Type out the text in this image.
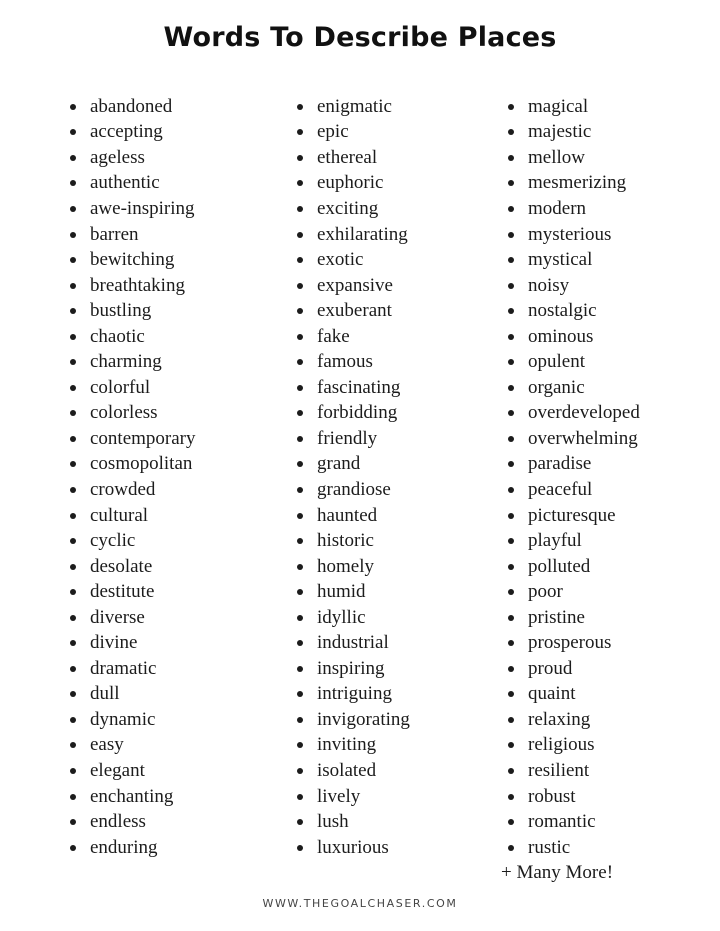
Words To Describe Places
abandoned
accepting
ageless
authentic
awe-inspiring
barren
bewitching
breathtaking
bustling
chaotic
charming
colorful
colorless
contemporary
cosmopolitan
crowded
cultural
cyclic
desolate
destitute
diverse
divine
dramatic
dull
dynamic
easy
elegant
enchanting
endless
enduring
enigmatic
epic
ethereal
euphoric
exciting
exhilarating
exotic
expansive
exuberant
fake
famous
fascinating
forbidding
friendly
grand
grandiose
haunted
historic
homely
humid
idyllic
industrial
inspiring
intriguing
invigorating
inviting
isolated
lively
lush
luxurious
magical
majestic
mellow
mesmerizing
modern
mysterious
mystical
noisy
nostalgic
ominous
opulent
organic
overdeveloped
overwhelming
paradise
peaceful
picturesque
playful
polluted
poor
pristine
prosperous
proud
quaint
relaxing
religious
resilient
robust
romantic
rustic
+ Many More!
WWW.THEGOALCHASER.COM
